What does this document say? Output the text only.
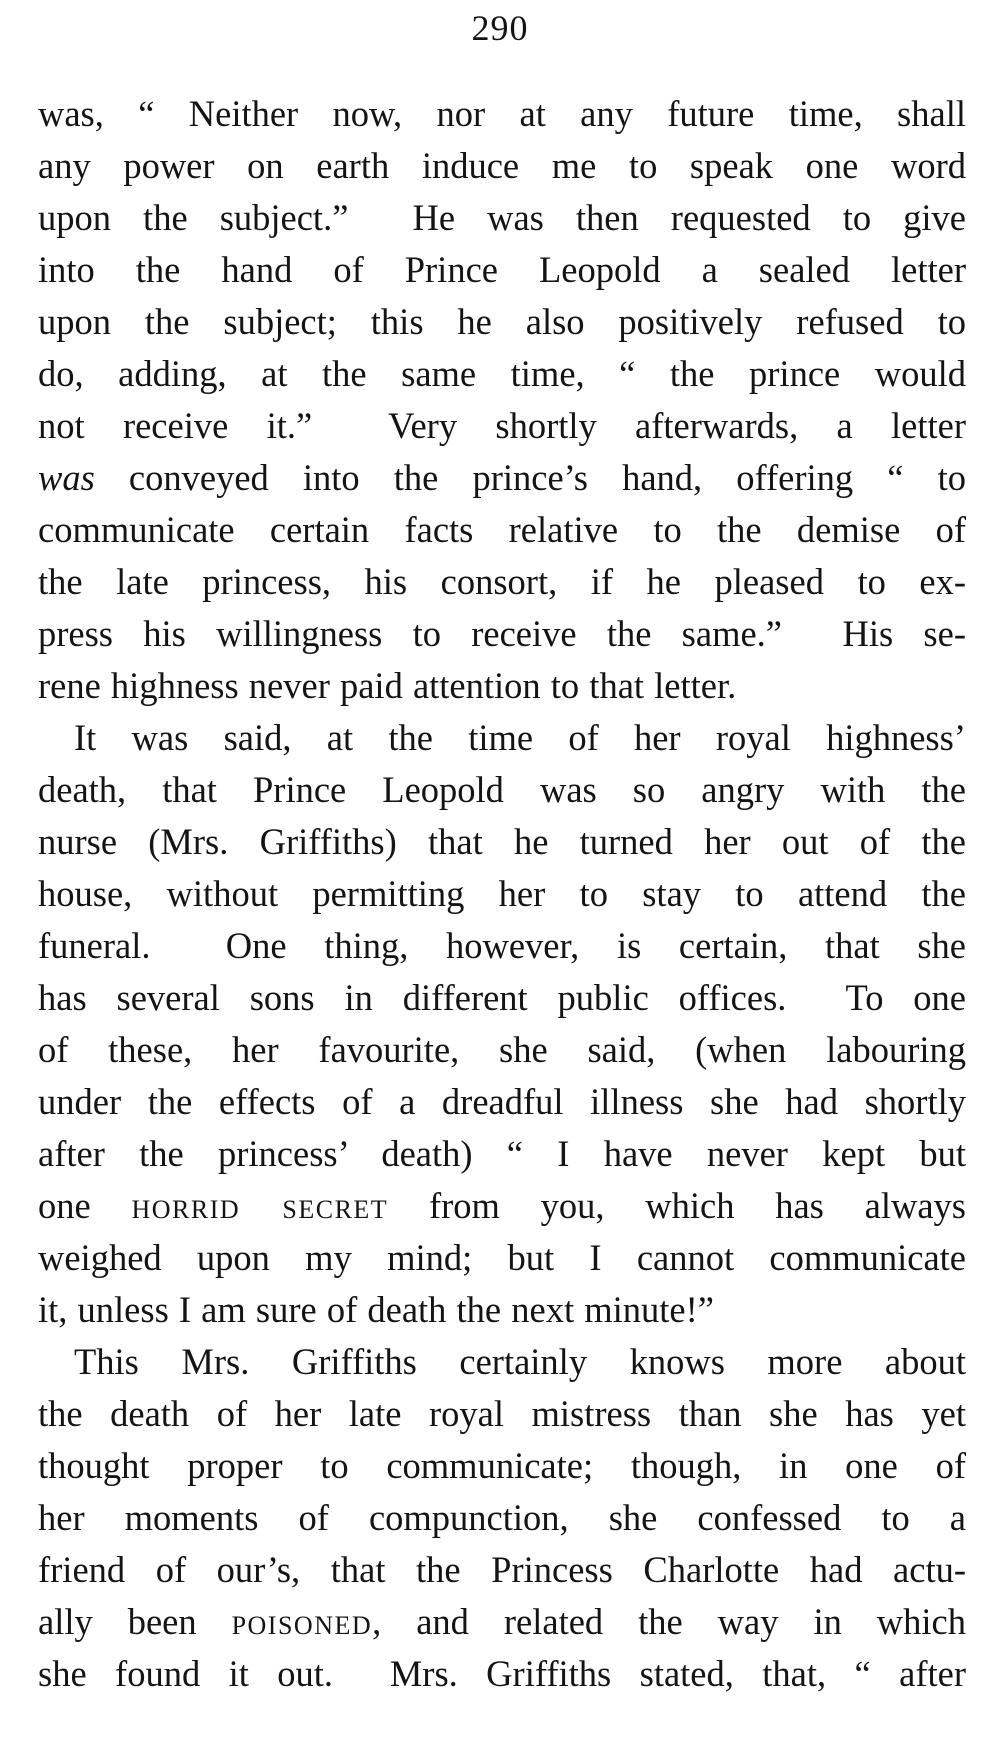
290
was, “ Neither now, nor at any future time, shall
any power on earth induce me to speak one word
upon the subject.”  He was then requested to give
into the hand of Prince Leopold a sealed letter
upon the subject; this he also positively refused to
do, adding, at the same time, “ the prince would
not receive it.”  Very shortly afterwards, a letter
was conveyed into the prince’s hand, offering “ to
communicate certain facts relative to the demise of
the late princess, his consort, if he pleased to ex-
press his willingness to receive the same.”  His se-
rene highness never paid attention to that letter.
It was said, at the time of her royal highness’
death, that Prince Leopold was so angry with the
nurse (Mrs. Griffiths) that he turned her out of the
house, without permitting her to stay to attend the
funeral.  One thing, however, is certain, that she
has several sons in different public offices.  To one
of these, her favourite, she said, (when labouring
under the effects of a dreadful illness she had shortly
after the princess’ death) “ I have never kept but
one horrid secret from you, which has always
weighed upon my mind; but I cannot communicate
it, unless I am sure of death the next minute!”
This Mrs. Griffiths certainly knows more about
the death of her late royal mistress than she has yet
thought proper to communicate; though, in one of
her moments of compunction, she confessed to a
friend of our’s, that the Princess Charlotte had actu-
ally been poisoned, and related the way in which
she found it out.  Mrs. Griffiths stated, that, “ after
